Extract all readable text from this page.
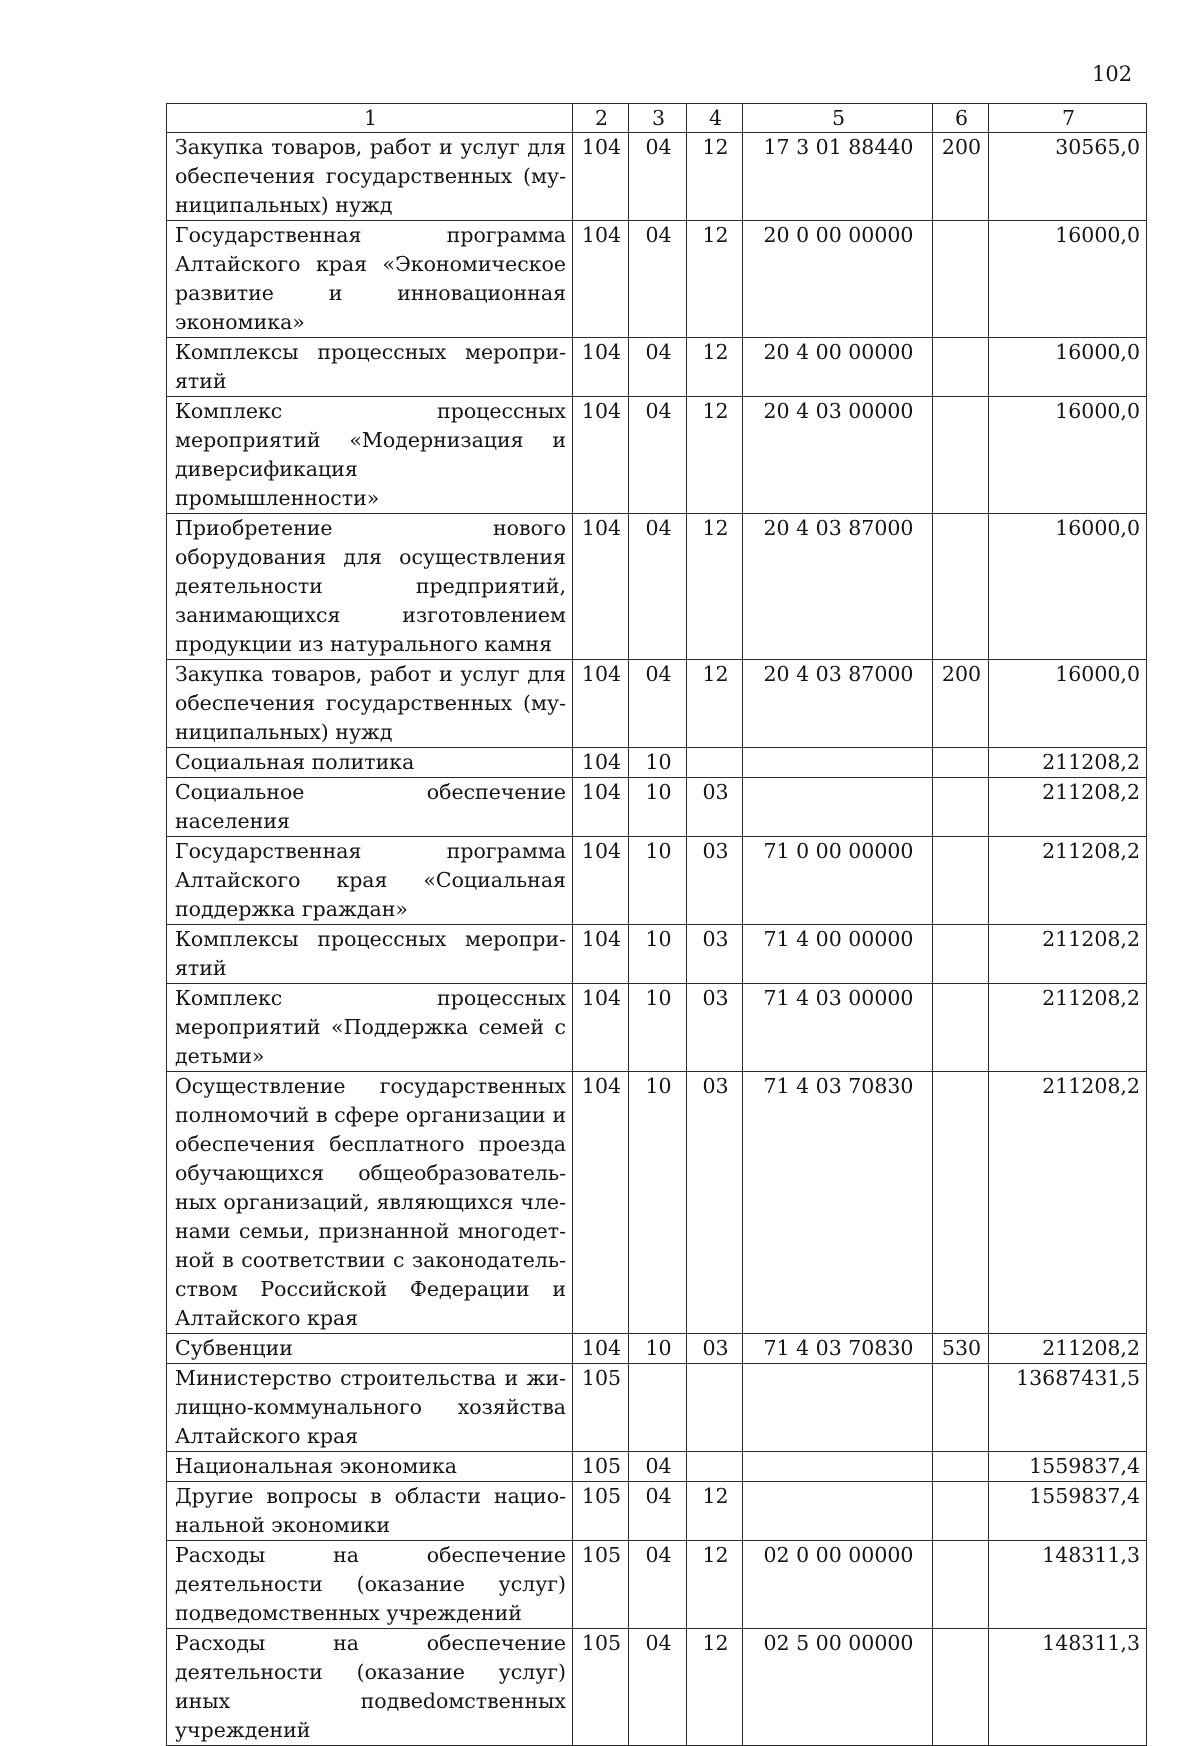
102
1	2	3	4	5	6	7
Закупка товаров, работ и услуг для обеспечения государственных (муниципальных) нужд	104	04	12	17 3 01 88440	200	30565,0
Государственная программа Алтайского края «Экономическое развитие и инновационная экономика»	104	04	12	20 0 00 00000		16000,0
Комплексы процессных мероприятий	104	04	12	20 4 00 00000		16000,0
Комплекс процессных мероприятий «Модернизация и диверсификация промышленности»	104	04	12	20 4 03 00000		16000,0
Приобретение нового оборудования для осуществления деятельности предприятий, занимающихся изготовлением продукции из натурального камня	104	04	12	20 4 03 87000		16000,0
Закупка товаров, работ и услуг для обеспечения государственных (муниципальных) нужд	104	04	12	20 4 03 87000	200	16000,0
Социальная политика	104	10				211208,2
Социальное обеспечение населения	104	10	03			211208,2
Государственная программа Алтайского края «Социальная поддержка граждан»	104	10	03	71 0 00 00000		211208,2
Комплексы процессных мероприятий	104	10	03	71 4 00 00000		211208,2
Комплекс процессных мероприятий «Поддержка семей с детьми»	104	10	03	71 4 03 00000		211208,2
Осуществление государственных полномочий в сфере организации и обеспечения бесплатного проезда обучающихся общеобразовательных организаций, являющихся членами семьи, признанной многодетной в соответствии с законодательством Российской Федерации и Алтайского края	104	10	03	71 4 03 70830		211208,2
Субвенции	104	10	03	71 4 03 70830	530	211208,2
Министерство строительства и жилищно-коммунального хозяйства Алтайского края	105					13687431,5
Национальная экономика	105	04				1559837,4
Другие вопросы в области национальной экономики	105	04	12			1559837,4
Расходы на обеспечение деятельности (оказание услуг) подведомственных учреждений	105	04	12	02 0 00 00000		148311,3
Расходы на обеспечение деятельности (оказание услуг) иных подвеdомственных учреждений	105	04	12	02 5 00 00000		148311,3
